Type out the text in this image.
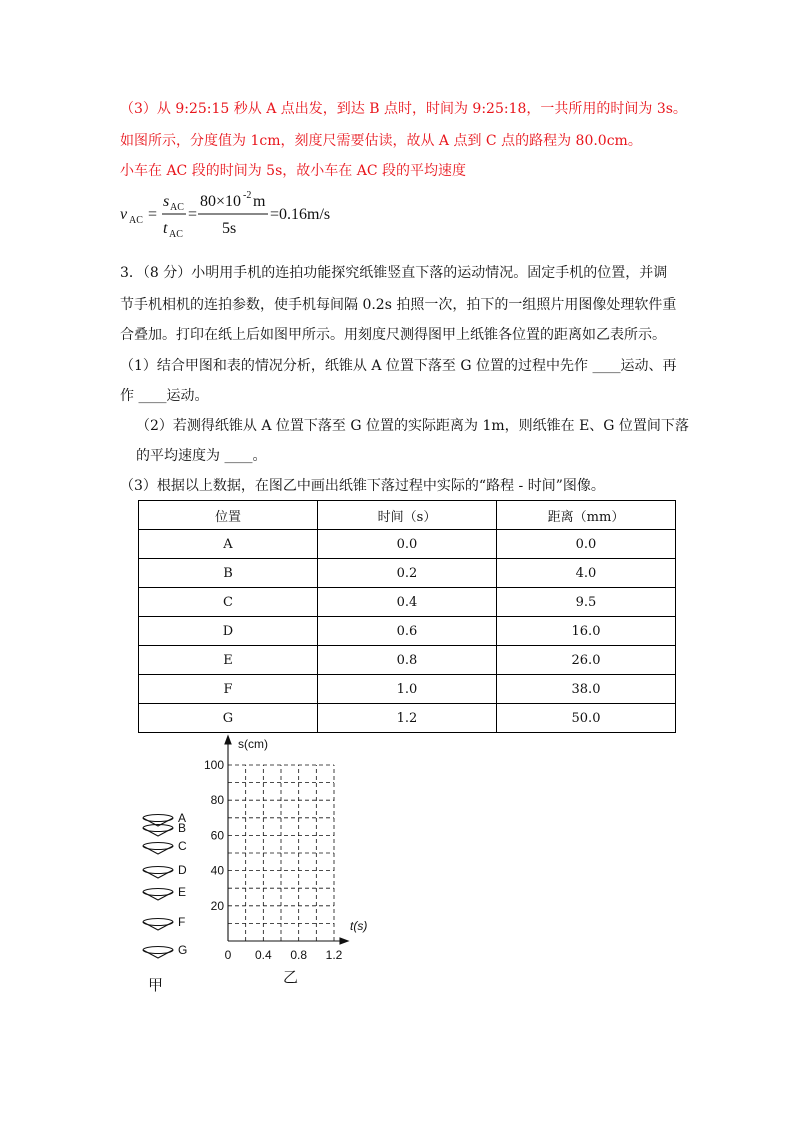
（3）从 9:25:15 秒从 A 点出发，到达 B 点时，时间为 9:25:18，一共所用的时间为 3s。
如图所示，分度值为 1cm，刻度尺需要估读，故从 A 点到 C 点的路程为 80.0cm。
小车在 AC 段的时间为 5s，故小车在 AC 段的平均速度
v AC =
s AC
t AC
=
80×10 -2 m
5s
=0.16m/s
3．（8 分）小明用手机的连拍功能探究纸锥竖直下落的运动情况。固定手机的位置，并调
节手机相机的连拍参数，使手机每间隔 0.2s 拍照一次，拍下的一组照片用图像处理软件重
合叠加。打印在纸上后如图甲所示。用刻度尺测得图甲上纸锥各位置的距离如乙表所示。
（1）结合甲图和表的情况分析，纸锥从 A 位置下落至 G 位置的过程中先作 ____运动、再
作 ____运动。
（2）若测得纸锥从 A 位置下落至 G 位置的实际距离为 1m，则纸锥在 E、G 位置间下落
的平均速度为 ____。
（3）根据以上数据，在图乙中画出纸锥下落过程中实际的“路程 - 时间”图像。
位置	时间（s）	距离（mm）
A	0.0	0.0
B	0.2	4.0
C	0.4	9.5
D	0.6	16.0
E	0.8	26.0
F	1.0	38.0
G	1.2	50.0
A
B
C
D
E
F
G
甲
20
40
60
80
100
0 0.4 0.8 1.2
s(cm)
t(s)
乙
